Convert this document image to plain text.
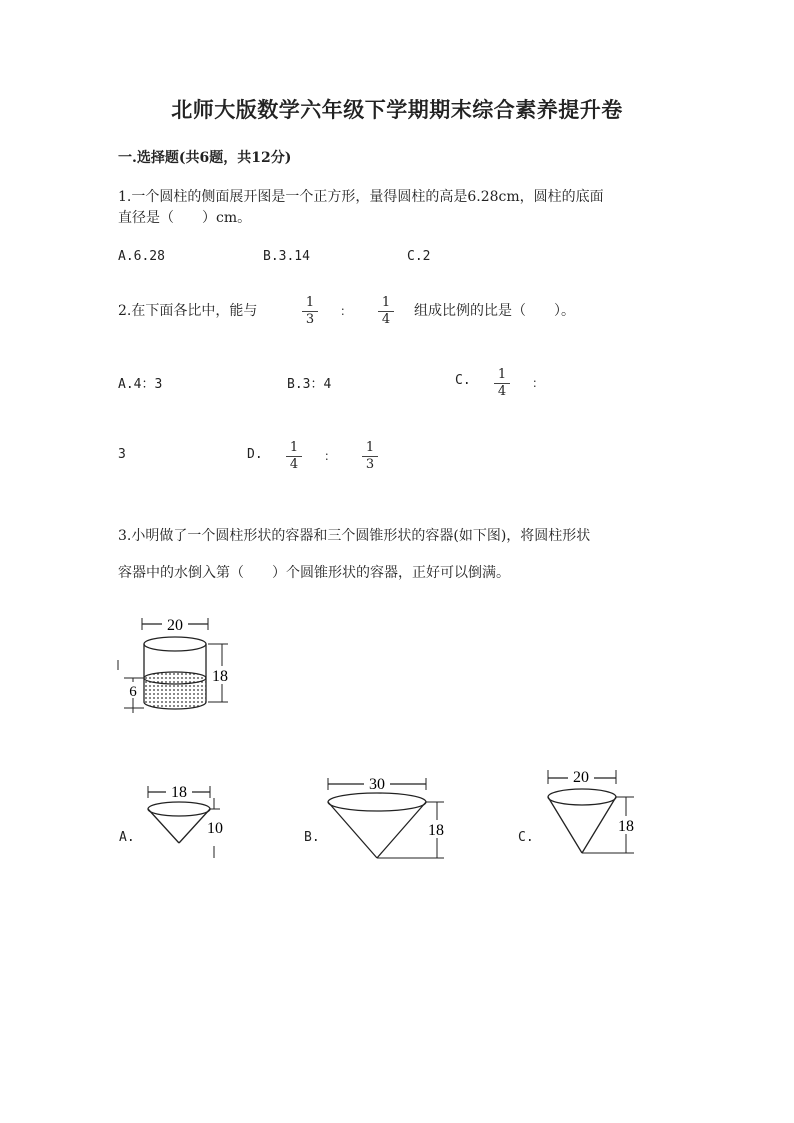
北师大版数学六年级下学期期末综合素养提升卷
一.选择题(共6题，共12分)
1.一个圆柱的侧面展开图是一个正方形，量得圆柱的高是6.28cm，圆柱的底面
直径是（　　）cm。
A.6.28	B.3.14	C.2
2.在下面各比中，能与	$\frac{1}{3}$ ： $\frac{1}{4}$ 组成比例的比是（　　）。
A.4：3	B.3：4	C. $\frac{1}{4}$ ：
3	D. $\frac{1}{4}$ ： $\frac{1}{3}$
3.小明做了一个圆柱形状的容器和三个圆锥形状的容器(如下图)，将圆柱形状
容器中的水倒入第（　　）个圆锥形状的容器，正好可以倒满。
20
18
6
A.
18
10
B.
30
18	C.
20
18
